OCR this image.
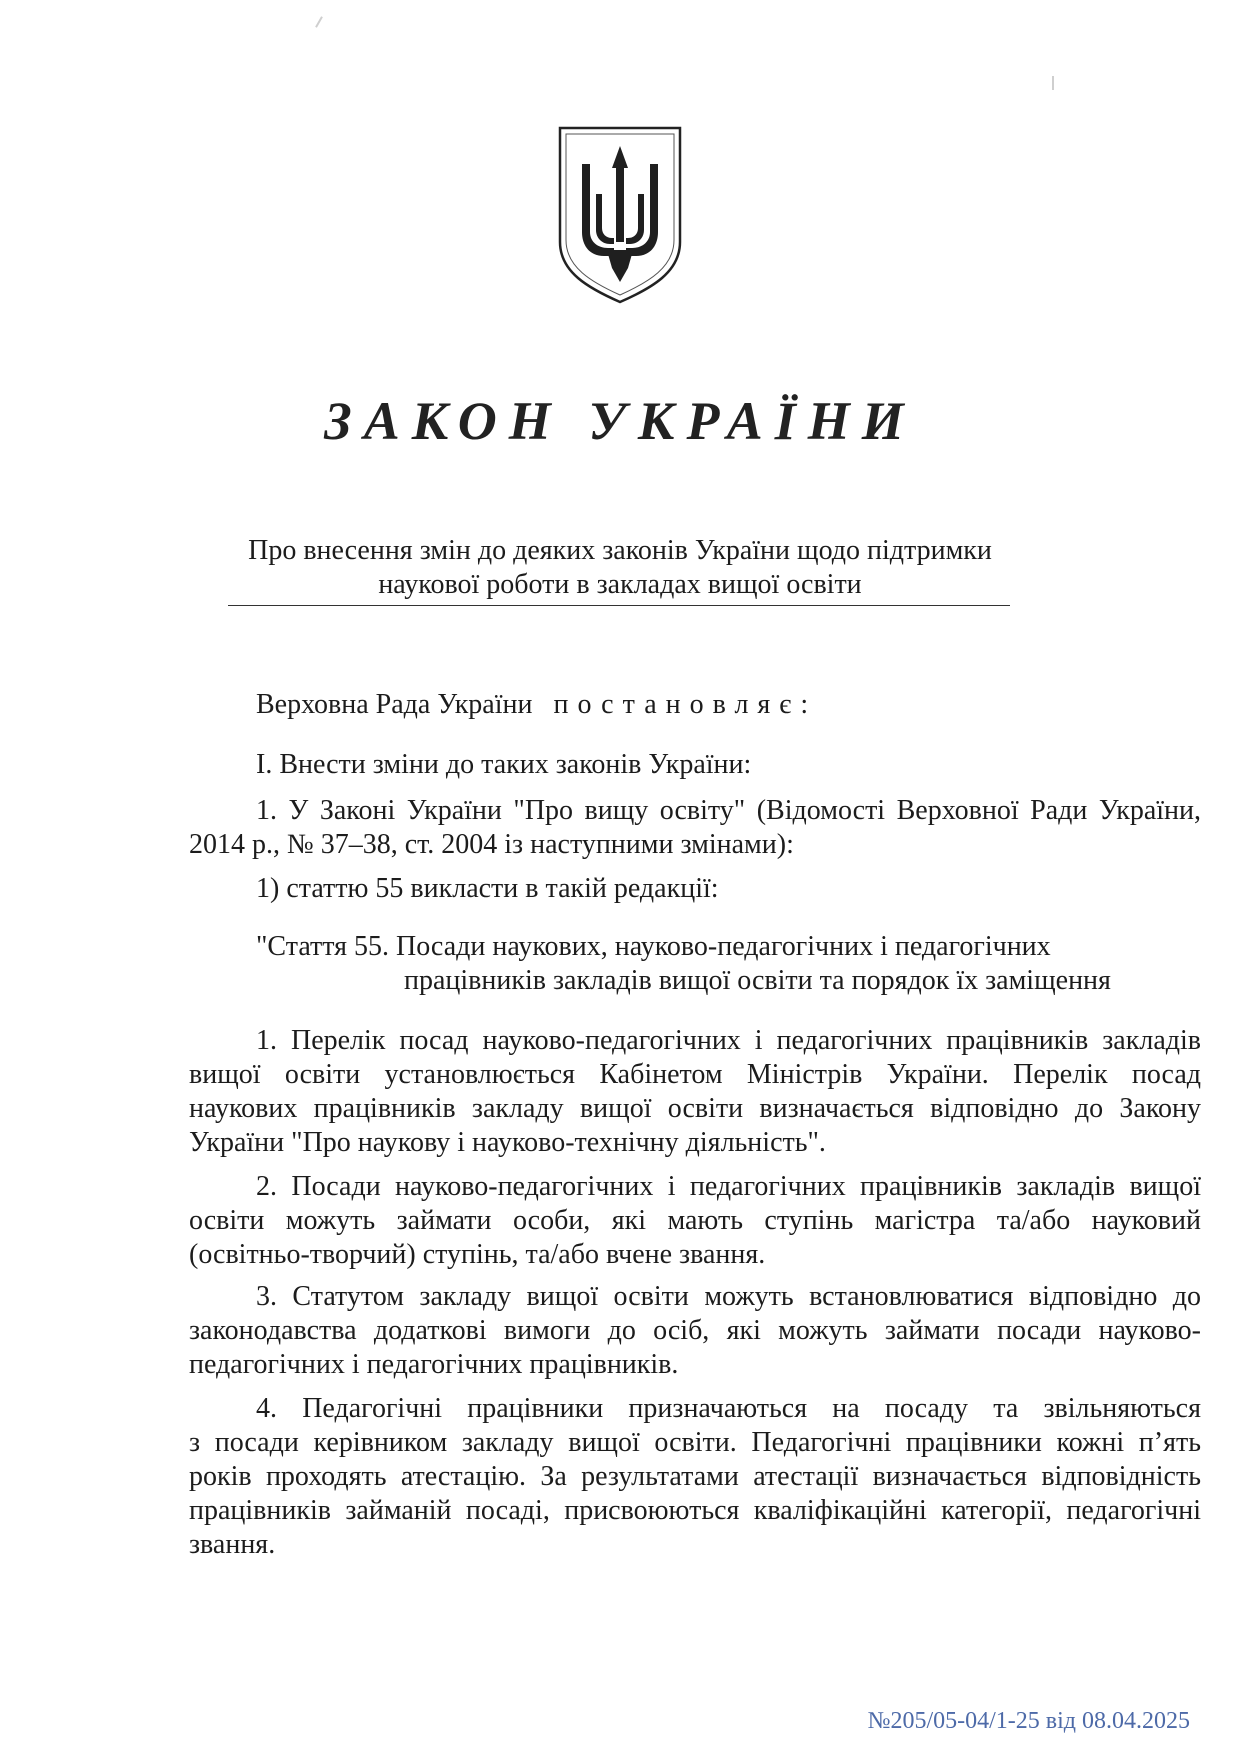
ЗАКОН УКРАЇНИ
Про внесення змін до деяких законів України щодо підтримки
наукової роботи в закладах вищої освіти
Верховна Рада України постановляє:
І. Внести зміни до таких законів України:
1. У Законі України "Про вищу освіту" (Відомості Верховної Ради України,
2014 р., № 37–38, ст. 2004 із наступними змінами):
1) статтю 55 викласти в такій редакції:
"Стаття 55. Посади наукових, науково-педагогічних і педагогічних
працівників закладів вищої освіти та порядок їх заміщення
1. Перелік посад науково-педагогічних і педагогічних працівників закладів
вищої освіти установлюється Кабінетом Міністрів України. Перелік посад
наукових працівників закладу вищої освіти визначається відповідно до Закону
України "Про наукову і науково-технічну діяльність".
2. Посади науково-педагогічних і педагогічних працівників закладів вищої
освіти можуть займати особи, які мають ступінь магістра та/або науковий
(освітньо-творчий) ступінь, та/або вчене звання.
3. Статутом закладу вищої освіти можуть встановлюватися відповідно до
законодавства додаткові вимоги до осіб, які можуть займати посади науково-
педагогічних і педагогічних працівників.
4. Педагогічні працівники призначаються на посаду та звільняються
з посади керівником закладу вищої освіти. Педагогічні працівники кожні п’ять
років проходять атестацію. За результатами атестації визначається відповідність
працівників займаній посаді, присвоюються кваліфікаційні категорії, педагогічні
звання.
№205/05-04/1-25 від 08.04.2025
